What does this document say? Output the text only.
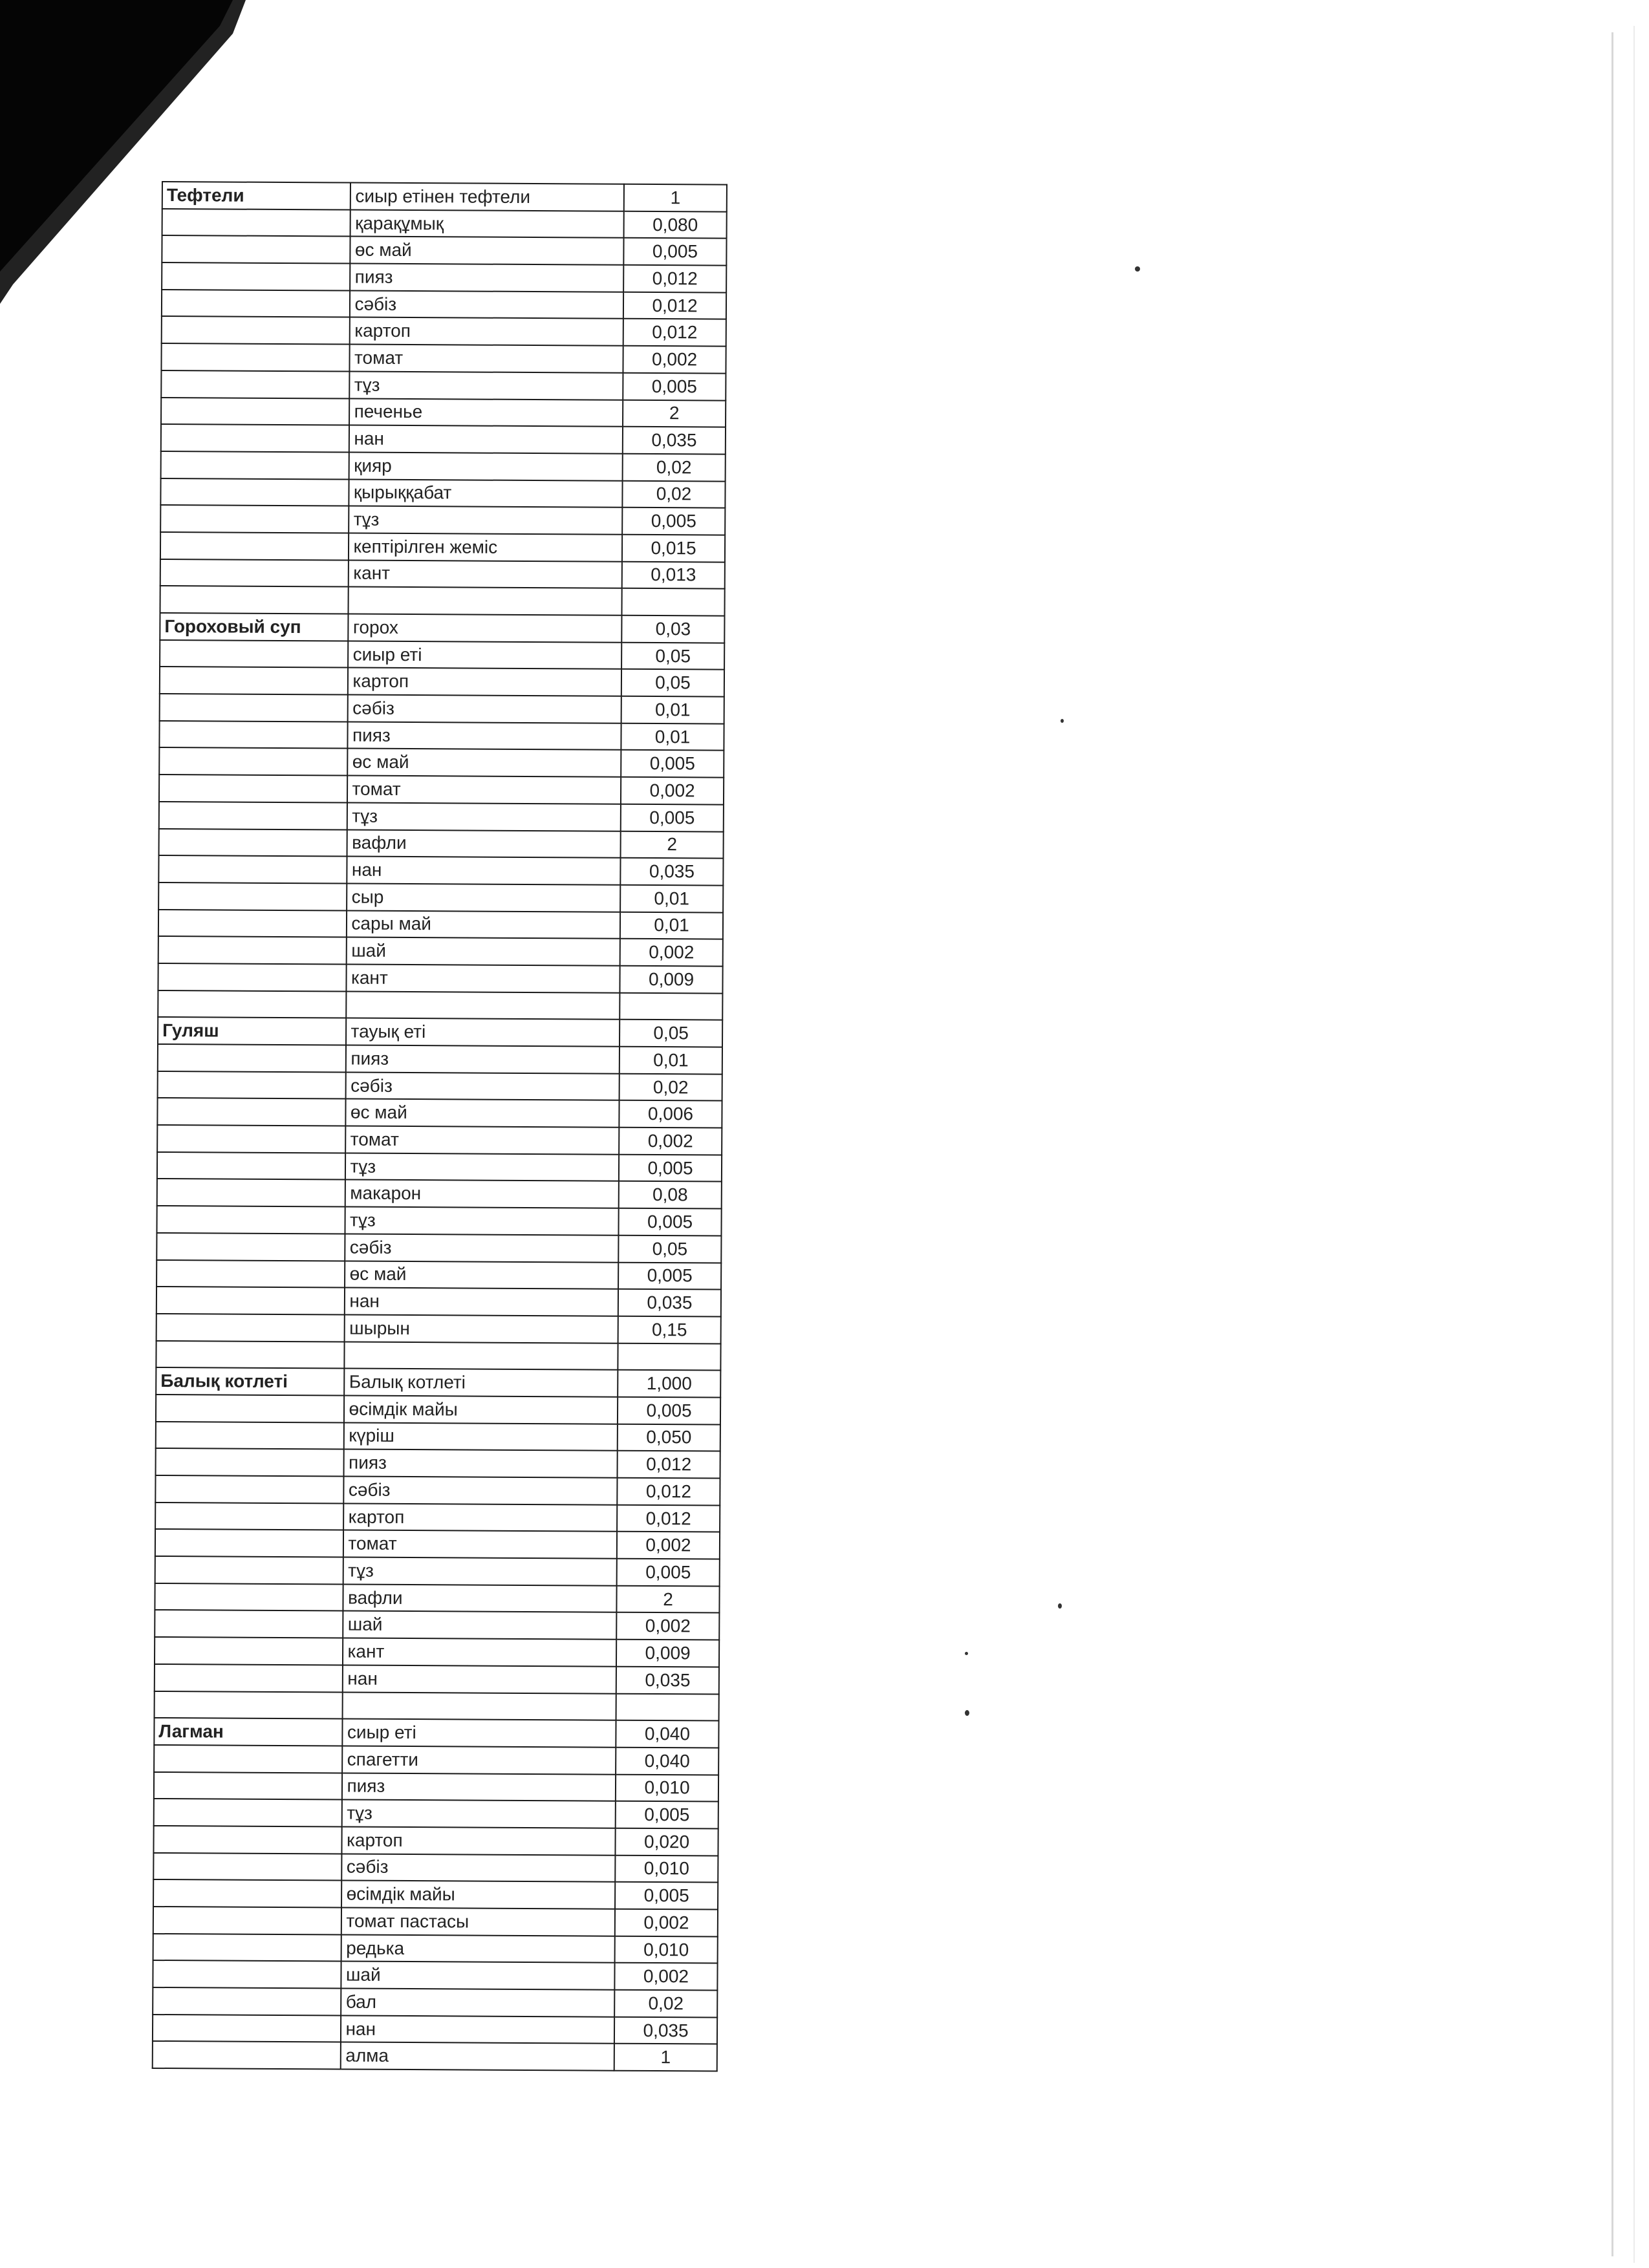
Тефтели	сиыр етінен тефтели	1
	қарақұмық	0,080
	өс май	0,005
	пияз	0,012
	сәбіз	0,012
	картоп	0,012
	томат	0,002
	тұз	0,005
	печенье	2
	нан	0,035
	қияр	0,02
	қырыққабат	0,02
	тұз	0,005
	кептірілген жеміс	0,015
	кант	0,013

Гороховый суп	горох	0,03
	сиыр еті	0,05
	картоп	0,05
	сәбіз	0,01
	пияз	0,01
	өс май	0,005
	томат	0,002
	тұз	0,005
	вафли	2
	нан	0,035
	сыр	0,01
	сары май	0,01
	шай	0,002
	кант	0,009

Гуляш	тауық еті	0,05
	пияз	0,01
	сәбіз	0,02
	өс май	0,006
	томат	0,002
	тұз	0,005
	макарон	0,08
	тұз	0,005
	сәбіз	0,05
	өс май	0,005
	нан	0,035
	шырын	0,15

Балық котлеті	Балық котлеті	1,000
	өсімдік майы	0,005
	күріш	0,050
	пияз	0,012
	сәбіз	0,012
	картоп	0,012
	томат	0,002
	тұз	0,005
	вафли	2
	шай	0,002
	кант	0,009
	нан	0,035

Лагман	сиыр еті	0,040
	спагетти	0,040
	пияз	0,010
	тұз	0,005
	картоп	0,020
	сәбіз	0,010
	өсімдік майы	0,005
	томат пастасы	0,002
	редька	0,010
	шай	0,002
	бал	0,02
	нан	0,035
	алма	1
